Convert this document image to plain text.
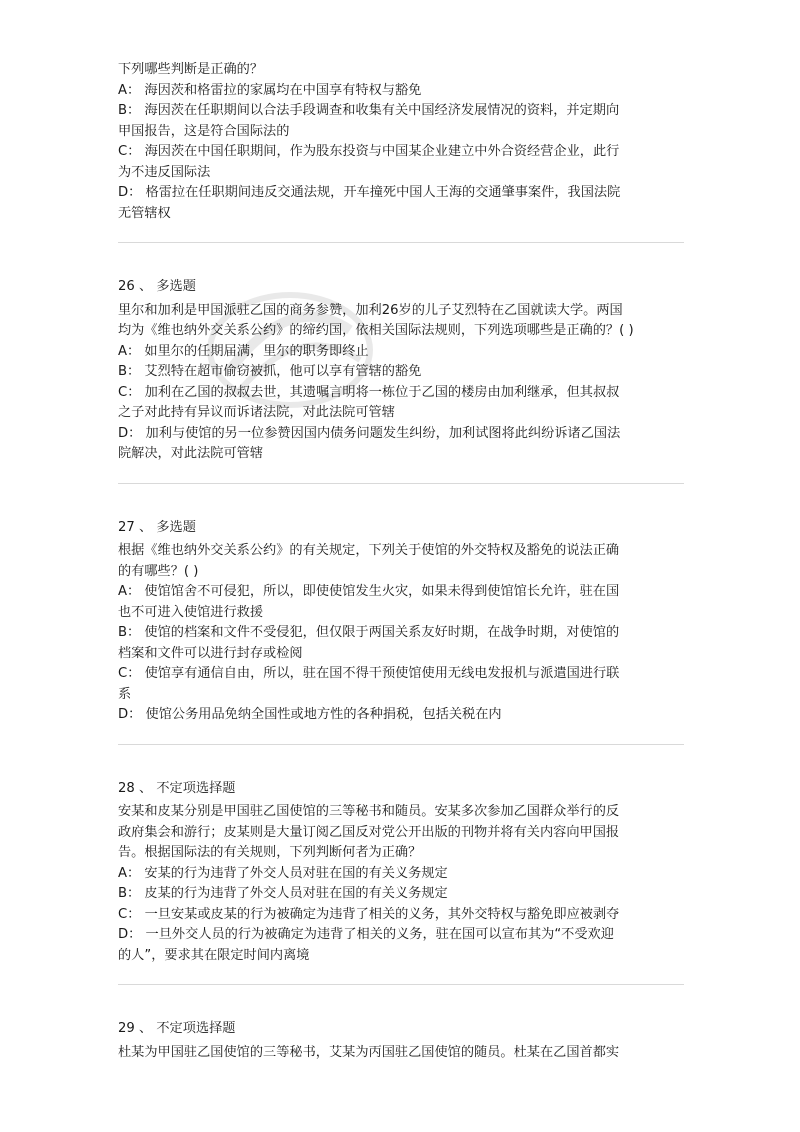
下列哪些判断是正确的？
A： 海因茨和格雷拉的家属均在中国享有特权与豁免
B： 海因茨在任职期间以合法手段调查和收集有关中国经济发展情况的资料，并定期向
甲国报告，这是符合国际法的
C： 海因茨在中国任职期间，作为股东投资与中国某企业建立中外合资经营企业，此行
为不违反国际法
D： 格雷拉在任职期间违反交通法规，开车撞死中国人王海的交通肇事案件，我国法院
无管辖权
26 、 多选题
里尔和加利是甲国派驻乙国的商务参赞，加利26岁的儿子艾烈特在乙国就读大学。两国
均为《维也纳外交关系公约》的缔约国，依相关国际法规则，下列选项哪些是正确的？( )
A： 如里尔的任期届满，里尔的职务即终止
B： 艾烈特在超市偷窃被抓，他可以享有管辖的豁免
C： 加利在乙国的叔叔去世，其遗嘱言明将一栋位于乙国的楼房由加利继承，但其叔叔
之子对此持有异议而诉诸法院，对此法院可管辖
D： 加利与使馆的另一位参赞因国内债务问题发生纠纷，加利试图将此纠纷诉诸乙国法
院解决，对此法院可管辖
27 、 多选题
根据《维也纳外交关系公约》的有关规定，下列关于使馆的外交特权及豁免的说法正确
的有哪些？( )
A： 使馆馆舍不可侵犯，所以，即使使馆发生火灾，如果未得到使馆馆长允许，驻在国
也不可进入使馆进行救援
B： 使馆的档案和文件不受侵犯，但仅限于两国关系友好时期，在战争时期，对使馆的
档案和文件可以进行封存或检阅
C： 使馆享有通信自由，所以，驻在国不得干预使馆使用无线电发报机与派遣国进行联
系
D： 使馆公务用品免纳全国性或地方性的各种捐税，包括关税在内
28 、 不定项选择题
安某和皮某分别是甲国驻乙国使馆的三等秘书和随员。安某多次参加乙国群众举行的反
政府集会和游行；皮某则是大量订阅乙国反对党公开出版的刊物并将有关内容向甲国报
告。根据国际法的有关规则，下列判断何者为正确？
A： 安某的行为违背了外交人员对驻在国的有关义务规定
B： 皮某的行为违背了外交人员对驻在国的有关义务规定
C： 一旦安某或皮某的行为被确定为违背了相关的义务，其外交特权与豁免即应被剥夺
D： 一旦外交人员的行为被确定为违背了相关的义务，驻在国可以宣布其为“不受欢迎
的人”，要求其在限定时间内离境
29 、 不定项选择题
杜某为甲国驻乙国使馆的三等秘书，艾某为丙国驻乙国使馆的随员。杜某在乙国首都实
